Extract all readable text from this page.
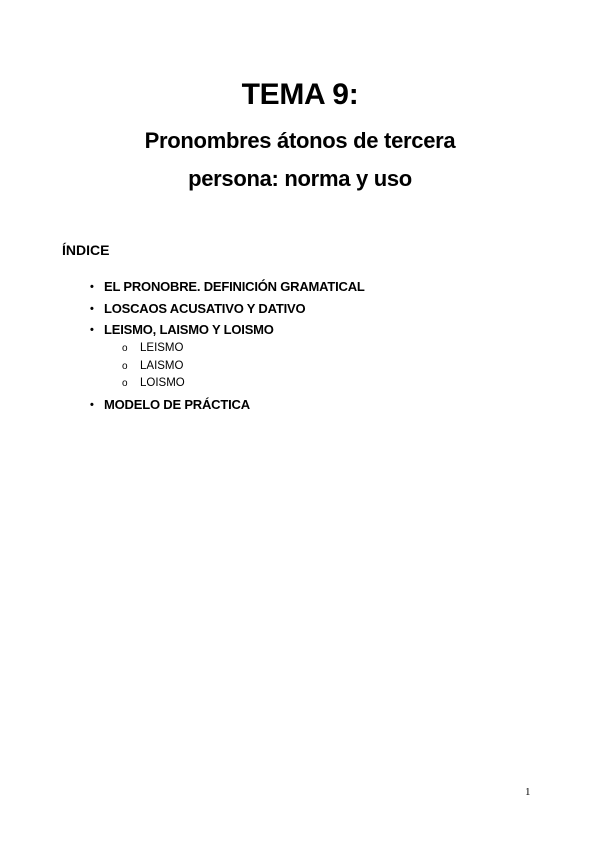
TEMA 9:
Pronombres átonos de tercera
persona: norma y uso
ÍNDICE
• EL PRONOBRE. DEFINICIÓN GRAMATICAL
• LOSCAOS ACUSATIVO Y DATIVO
• LEISMO, LAISMO Y LOISMO
o	LEISMO
o	LAISMO
o	LOISMO
• MODELO DE PRÁCTICA
1
